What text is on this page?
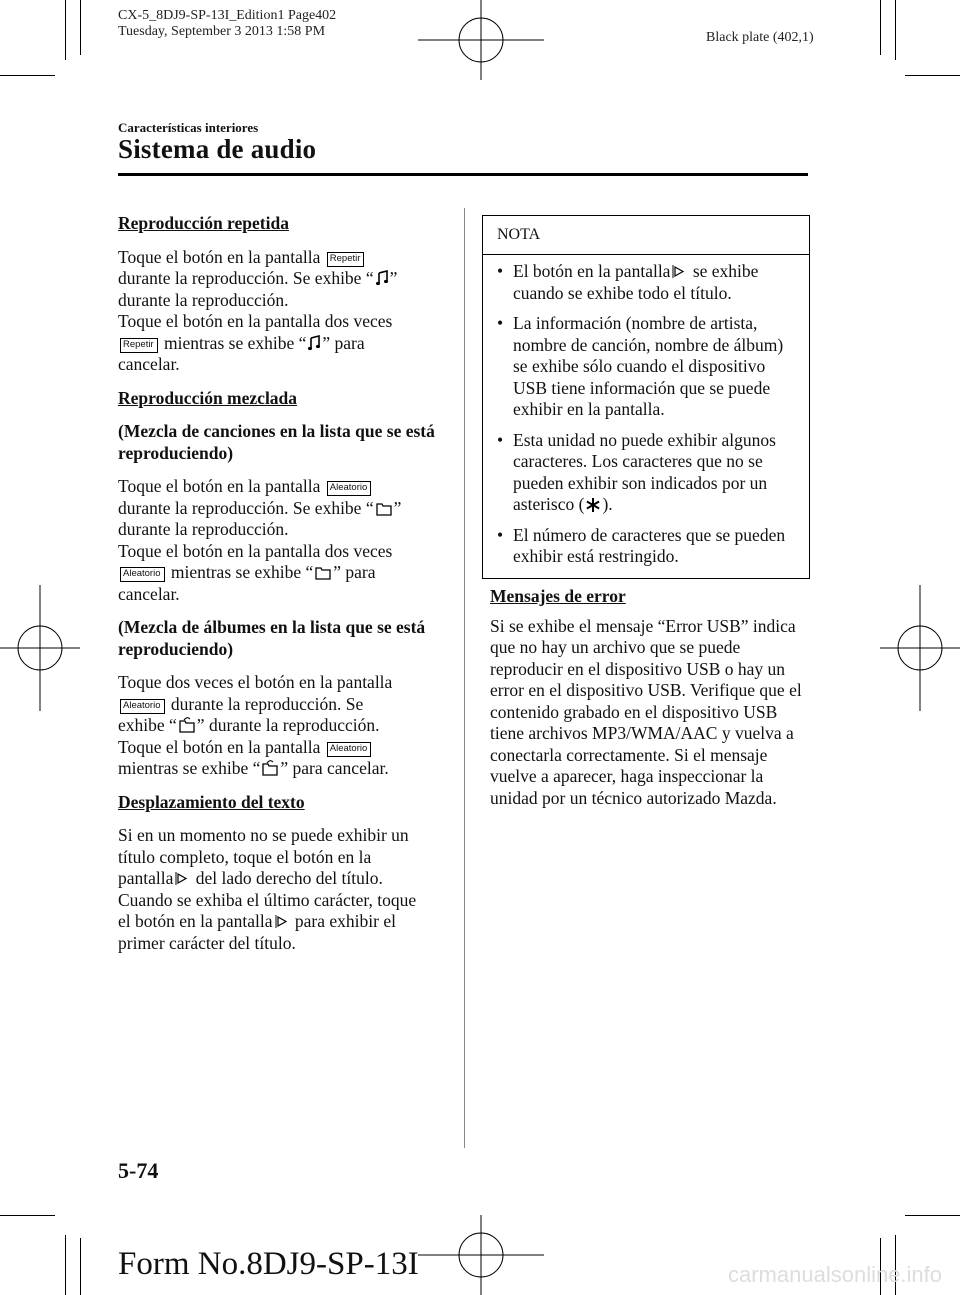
CX-5_8DJ9-SP-13I_Edition1 Page402
Tuesday, September 3 2013 1:58 PM	Black plate (402,1)
Características interiores
Sistema de audio
Reproducción repetida

Toque el botón en la pantalla Repetir
durante la reproducción. Se exhibe “ ”
durante la reproducción.
Toque el botón en la pantalla dos veces
Repetir mientras se exhibe “ ” para
cancelar.

Reproducción mezclada

(Mezcla de canciones en la lista que se está reproduciendo)

Toque el botón en la pantalla Aleatorio
durante la reproducción. Se exhibe “ ”
durante la reproducción.
Toque el botón en la pantalla dos veces
Aleatorio mientras se exhibe “ ” para
cancelar.

(Mezcla de álbumes en la lista que se está reproduciendo)

Toque dos veces el botón en la pantalla
Aleatorio durante la reproducción. Se
exhibe “ ” durante la reproducción.
Toque el botón en la pantalla Aleatorio
mientras se exhibe “ ” para cancelar.

Desplazamiento del texto

Si en un momento no se puede exhibir un título completo, toque el botón en la
pantalla del lado derecho del título.
Cuando se exhiba el último carácter, toque
el botón en la pantalla para exhibir el
primer carácter del título.

NOTA
• El botón en la pantalla se exhibe cuando se exhibe todo el título.
• La información (nombre de artista, nombre de canción, nombre de álbum) se exhibe sólo cuando el dispositivo USB tiene información que se puede exhibir en la pantalla.
• Esta unidad no puede exhibir algunos caracteres. Los caracteres que no se pueden exhibir son indicados por un asterisco ( ).
• El número de caracteres que se pueden exhibir está restringido.
Mensajes de error

Si se exhibe el mensaje “Error USB” indica que no hay un archivo que se puede reproducir en el dispositivo USB o hay un error en el dispositivo USB. Verifique que el contenido grabado en el dispositivo USB tiene archivos MP3/WMA/AAC y vuelva a conectarla correctamente. Si el mensaje vuelve a aparecer, haga inspeccionar la unidad por un técnico autorizado Mazda.

5-74
Form No.8DJ9-SP-13I	carmanualsonline.info
